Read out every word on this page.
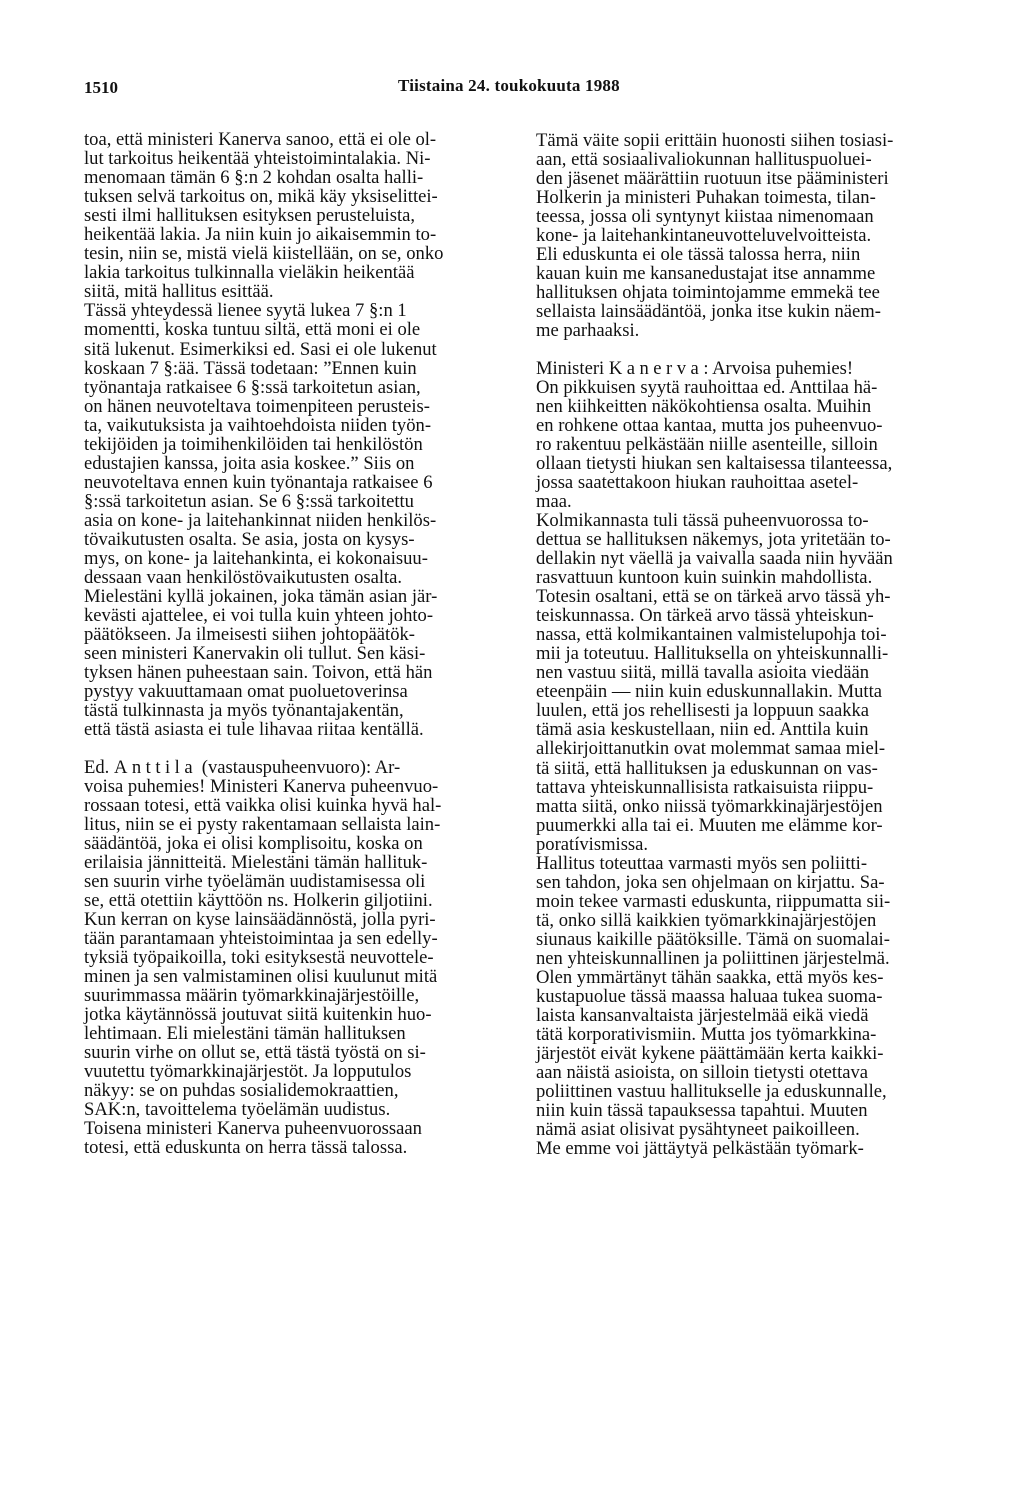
1510	Tiistaina 24. toukokuuta 1988
toa, että ministeri Kanerva sanoo, että ei ole ol-
lut tarkoitus heikentää yhteistoimintalakia. Ni-
menomaan tämän 6 §:n 2 kohdan osalta halli-
tuksen selvä tarkoitus on, mikä käy yksiselittei-
sesti ilmi hallituksen esityksen perusteluista,
heikentää lakia. Ja niin kuin jo aikaisemmin to-
tesin, niin se, mistä vielä kiistellään, on se, onko
lakia tarkoitus tulkinnalla vieläkin heikentää
siitä, mitä hallitus esittää.
Tässä yhteydessä lienee syytä lukea 7 §:n 1
momentti, koska tuntuu siltä, että moni ei ole
sitä lukenut. Esimerkiksi ed. Sasi ei ole lukenut
koskaan 7 §:ää. Tässä todetaan: ”Ennen kuin
työnantaja ratkaisee 6 §:ssä tarkoitetun asian,
on hänen neuvoteltava toimenpiteen perusteis-
ta, vaikutuksista ja vaihtoehdoista niiden työn-
tekijöiden ja toimihenkilöiden tai henkilöstön
edustajien kanssa, joita asia koskee.” Siis on
neuvoteltava ennen kuin työnantaja ratkaisee 6
§:ssä tarkoitetun asian. Se 6 §:ssä tarkoitettu
asia on kone- ja laitehankinnat niiden henkilös-
tövaikutusten osalta. Se asia, josta on kysys-
mys, on kone- ja laitehankinta, ei kokonaisuu-
dessaan vaan henkilöstövaikutusten osalta.
Mielestäni kyllä jokainen, joka tämän asian jär-
kevästi ajattelee, ei voi tulla kuin yhteen johto-
päätökseen. Ja ilmeisesti siihen johtopäätök-
seen ministeri Kanervakin oli tullut. Sen käsi-
tyksen hänen puheestaan sain. Toivon, että hän
pystyy vakuuttamaan omat puoluetoverinsa
tästä tulkinnasta ja myös työnantajakentän,
että tästä asiasta ei tule lihavaa riitaa kentällä.
Ed. Anttila (vastauspuheenvuoro): Ar-
voisa puhemies! Ministeri Kanerva puheenvuo-
rossaan totesi, että vaikka olisi kuinka hyvä hal-
litus, niin se ei pysty rakentamaan sellaista lain-
säädäntöä, joka ei olisi komplisoitu, koska on
erilaisia jännitteitä. Mielestäni tämän hallituk-
sen suurin virhe työelämän uudistamisessa oli
se, että otettiin käyttöön ns. Holkerin giljotiini.
Kun kerran on kyse lainsäädännöstä, jolla pyri-
tään parantamaan yhteistoimintaa ja sen edelly-
tyksiä työpaikoilla, toki esityksestä neuvottele-
minen ja sen valmistaminen olisi kuulunut mitä
suurimmassa määrin työmarkkinajärjestöille,
jotka käytännössä joutuvat siitä kuitenkin huo-
lehtimaan. Eli mielestäni tämän hallituksen
suurin virhe on ollut se, että tästä työstä on si-
vuutettu työmarkkinajärjestöt. Ja lopputulos
näkyy: se on puhdas sosialidemokraattien,
SAK:n, tavoittelema työelämän uudistus.
Toisena ministeri Kanerva puheenvuorossaan
totesi, että eduskunta on herra tässä talossa.
Tämä väite sopii erittäin huonosti siihen tosiasi-
aan, että sosiaalivaliokunnan hallituspuoluei-
den jäsenet määrättiin ruotuun itse pääministeri
Holkerin ja ministeri Puhakan toimesta, tilan-
teessa, jossa oli syntynyt kiistaa nimenomaan
kone- ja laitehankintaneuvotteluvelvoitteista.
Eli eduskunta ei ole tässä talossa herra, niin
kauan kuin me kansanedustajat itse annamme
hallituksen ohjata toimintojamme emmekä tee
sellaista lainsäädäntöä, jonka itse kukin näem-
me parhaaksi.
Ministeri Kanerva: Arvoisa puhemies!
On pikkuisen syytä rauhoittaa ed. Anttilaa hä-
nen kiihkeitten näkökohtiensa osalta. Muihin
en rohkene ottaa kantaa, mutta jos puheenvuo-
ro rakentuu pelkästään niille asenteille, silloin
ollaan tietysti hiukan sen kaltaisessa tilanteessa,
jossa saatettakoon hiukan rauhoittaa asetel-
maa.
Kolmikannasta tuli tässä puheenvuorossa to-
dettua se hallituksen näkemys, jota yritetään to-
dellakin nyt väellä ja vaivalla saada niin hyvään
rasvattuun kuntoon kuin suinkin mahdollista.
Totesin osaltani, että se on tärkeä arvo tässä yh-
teiskunnassa. On tärkeä arvo tässä yhteiskun-
nassa, että kolmikantainen valmistelupohja toi-
mii ja toteutuu. Hallituksella on yhteiskunnalli-
nen vastuu siitä, millä tavalla asioita viedään
eteenpäin — niin kuin eduskunnallakin. Mutta
luulen, että jos rehellisesti ja loppuun saakka
tämä asia keskustellaan, niin ed. Anttila kuin
allekirjoittanutkin ovat molemmat samaa miel-
tä siitä, että hallituksen ja eduskunnan on vas-
tattava yhteiskunnallisista ratkaisuista riippu-
matta siitä, onko niissä työmarkkinajärjestöjen
puumerkki alla tai ei. Muuten me elämme kor-
poratívismissa.
Hallitus toteuttaa varmasti myös sen poliitti-
sen tahdon, joka sen ohjelmaan on kirjattu. Sa-
moin tekee varmasti eduskunta, riippumatta sii-
tä, onko sillä kaikkien työmarkkinajärjestöjen
siunaus kaikille päätöksille. Tämä on suomalai-
nen yhteiskunnallinen ja poliittinen järjestelmä.
Olen ymmärtänyt tähän saakka, että myös kes-
kustapuolue tässä maassa haluaa tukea suoma-
laista kansanvaltaista järjestelmää eikä viedä
tätä korporativismiin. Mutta jos työmarkkina-
järjestöt eivät kykene päättämään kerta kaikki-
aan näistä asioista, on silloin tietysti otettava
poliittinen vastuu hallitukselle ja eduskunnalle,
niin kuin tässä tapauksessa tapahtui. Muuten
nämä asiat olisivat pysähtyneet paikoilleen.
Me emme voi jättäytyä pelkästään työmark-
